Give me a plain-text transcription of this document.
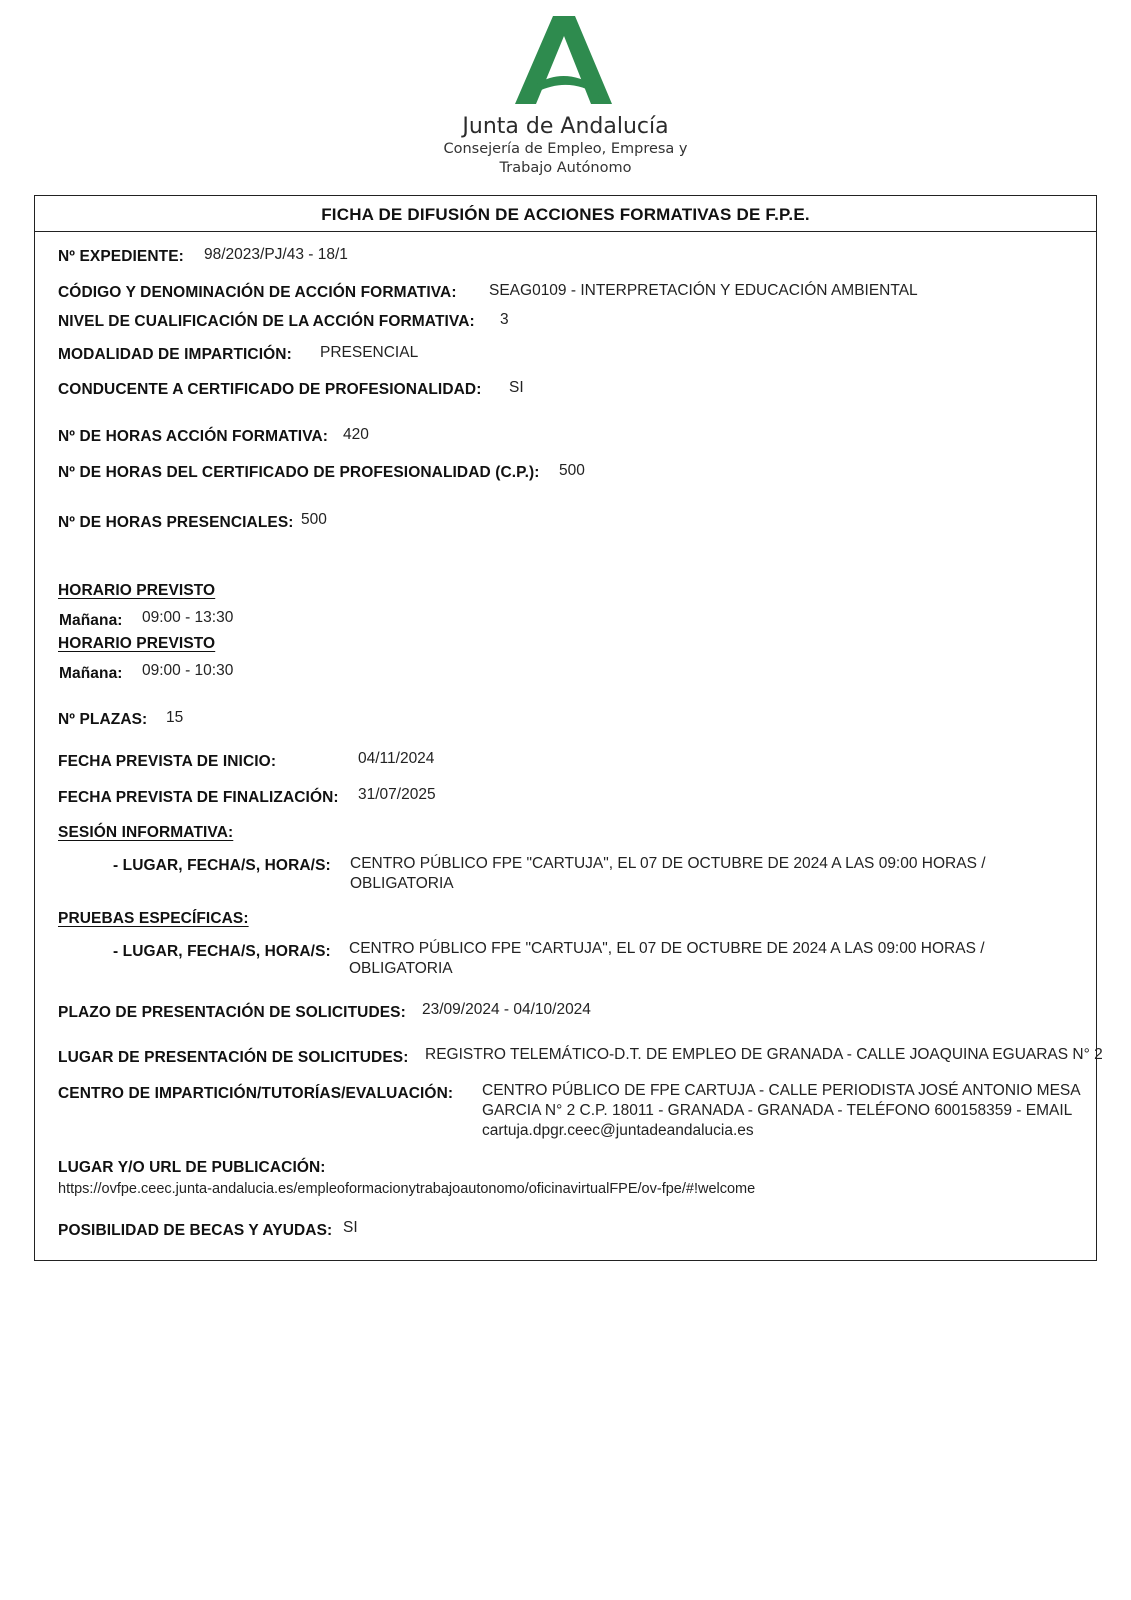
Junta de Andalucía
Consejería de Empleo, Empresa y
Trabajo Autónomo
FICHA DE DIFUSIÓN DE ACCIONES FORMATIVAS DE F.P.E.
Nº EXPEDIENTE: 98/2023/PJ/43 - 18/1
CÓDIGO Y DENOMINACIÓN DE ACCIÓN FORMATIVA: SEAG0109 - INTERPRETACIÓN Y EDUCACIÓN AMBIENTAL
NIVEL DE CUALIFICACIÓN DE LA ACCIÓN FORMATIVA: 3
MODALIDAD DE IMPARTICIÓN: PRESENCIAL
CONDUCENTE A CERTIFICADO DE PROFESIONALIDAD: SI
Nº DE HORAS ACCIÓN FORMATIVA: 420
Nº DE HORAS DEL CERTIFICADO DE PROFESIONALIDAD (C.P.): 500
Nº DE HORAS PRESENCIALES: 500
HORARIO PREVISTO
Mañana: 09:00 - 13:30
HORARIO PREVISTO
Mañana: 09:00 - 10:30
Nº PLAZAS: 15
FECHA PREVISTA DE INICIO:	04/11/2024
FECHA PREVISTA DE FINALIZACIÓN: 31/07/2025
SESIÓN INFORMATIVA:
- LUGAR, FECHA/S, HORA/S: CENTRO PÚBLICO FPE "CARTUJA", EL 07 DE OCTUBRE DE 2024 A LAS 09:00 HORAS /
OBLIGATORIA
PRUEBAS ESPECÍFICAS:
- LUGAR, FECHA/S, HORA/S: CENTRO PÚBLICO FPE "CARTUJA", EL 07 DE OCTUBRE DE 2024 A LAS 09:00 HORAS /
OBLIGATORIA
PLAZO DE PRESENTACIÓN DE SOLICITUDES: 23/09/2024 - 04/10/2024
LUGAR DE PRESENTACIÓN DE SOLICITUDES: REGISTRO TELEMÁTICO-D.T. DE EMPLEO DE GRANADA - CALLE JOAQUINA EGUARAS N° 2
CENTRO DE IMPARTICIÓN/TUTORÍAS/EVALUACIÓN: CENTRO PÚBLICO DE FPE CARTUJA - CALLE PERIODISTA JOSÉ ANTONIO MESA
GARCIA N° 2 C.P. 18011 - GRANADA - GRANADA - TELÉFONO 600158359 - EMAIL
cartuja.dpgr.ceec@juntadeandalucia.es
LUGAR Y/O URL DE PUBLICACIÓN:
https://ovfpe.ceec.junta-andalucia.es/empleoformacionytrabajoautonomo/oficinavirtualFPE/ov-fpe/#!welcome
POSIBILIDAD DE BECAS Y AYUDAS: SI
